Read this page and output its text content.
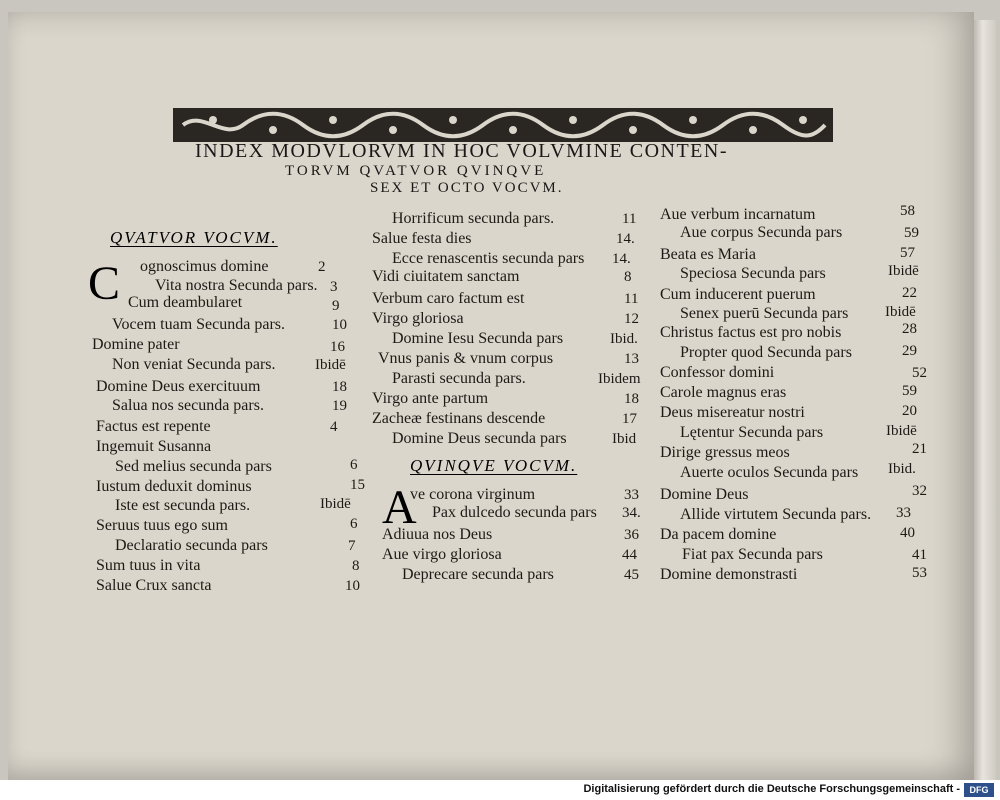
INDEX MODVLORVM IN HOC VOLVMINE CONTEN-
TORVM QVATVOR QVINQVE
SEX ET OCTO VOCVM.
QVATVOR VOCVM.
C ognoscimus domine	2
Vita nostra Secunda pars. 3
Cum deambularet	9
Vocem tuam Secunda pars.	10
Domine pater	16
Non veniat Secunda pars.	Ibidē
Domine Deus exercituum	18
Salua nos secunda pars.	19
Factus est repente	4
Ingemuit Susanna
Sed melius secunda pars	6
Iustum deduxit dominus	15
Iste est secunda pars.	Ibidē
Seruus tuus ego sum	6
Declaratio secunda pars	7
Sum tuus in vita	8
Salue Crux sancta	10
Horrificum secunda pars.	11
Salue festa dies	14.
Ecce renascentis secunda pars 14.
Vidi ciuitatem sanctam	8
Verbum caro factum est	11
Virgo gloriosa	12
Domine Iesu Secunda pars	Ibid.
Vnus panis & vnum corpus	13
Parasti secunda pars.	Ibidem
Virgo ante partum	18
Zacheæ festinans descende	17
Domine Deus secunda pars	Ibid
QVINQVE VOCVM.
A
ve corona virginum	33
Pax dulcedo secunda pars 34.
Adiuua nos Deus	36
Aue virgo gloriosa	44
Deprecare secunda pars	45
Aue verbum incarnatum	58
Aue corpus Secunda pars	59
Beata es Maria	57
Speciosa Secunda pars	Ibidē
Cum inducerent puerum	22
Senex puerū Secunda pars Ibidē
Christus factus est pro nobis	28
Propter quod Secunda pars	29
Confessor domini	52
Carole magnus eras	59
Deus misereatur nostri	20
Lętentur Secunda pars	Ibidē
Dirige gressus meos	21
Auerte oculos Secunda pars Ibid.
Domine Deus	32
Allide virtutem Secunda pars. 33
Da pacem domine	40
Fiat pax Secunda pars	41
Domine demonstrasti	53
Digitalisierung gefördert durch die Deutsche Forschungsgemeinschaft -	DFG
